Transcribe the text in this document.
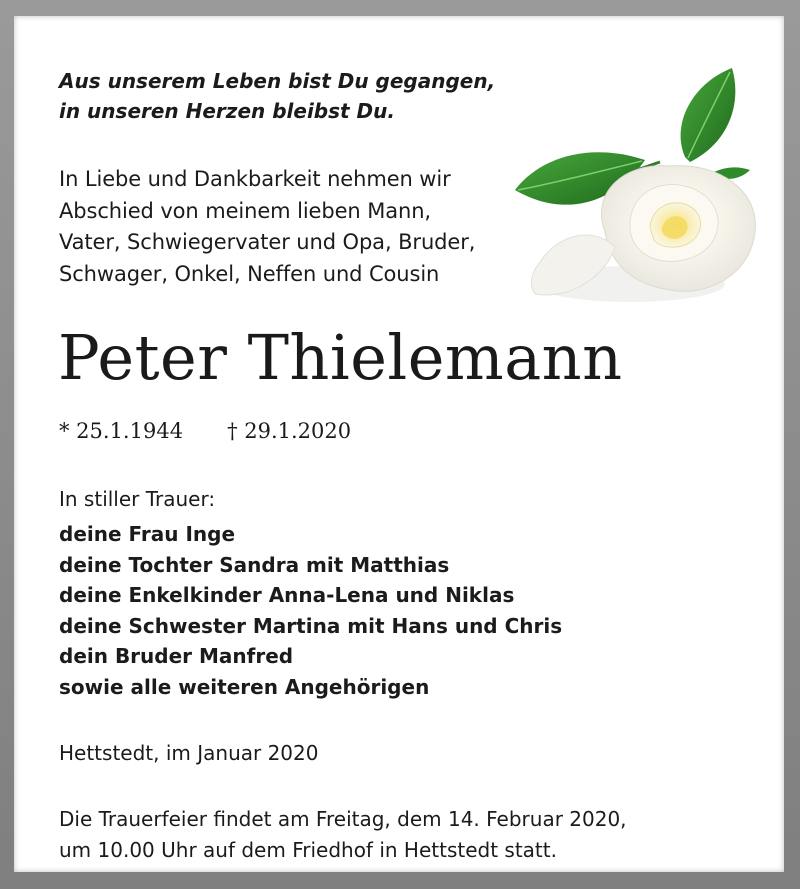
Aus unserem Leben bist Du gegangen,
in unseren Herzen bleibst Du.
In Liebe und Dankbarkeit nehmen wir
Abschied von meinem lieben Mann,
Vater, Schwiegervater und Opa, Bruder,
Schwager, Onkel, Neffen und Cousin
Peter Thielemann
* 25.1.1944 † 29.1.2020
In stiller Trauer:
deine Frau Inge
deine Tochter Sandra mit Matthias
deine Enkelkinder Anna-Lena und Niklas
deine Schwester Martina mit Hans und Chris
dein Bruder Manfred
sowie alle weiteren Angehörigen
Hettstedt, im Januar 2020
Die Trauerfeier findet am Freitag, dem 14. Februar 2020,
um 10.00 Uhr auf dem Friedhof in Hettstedt statt.
